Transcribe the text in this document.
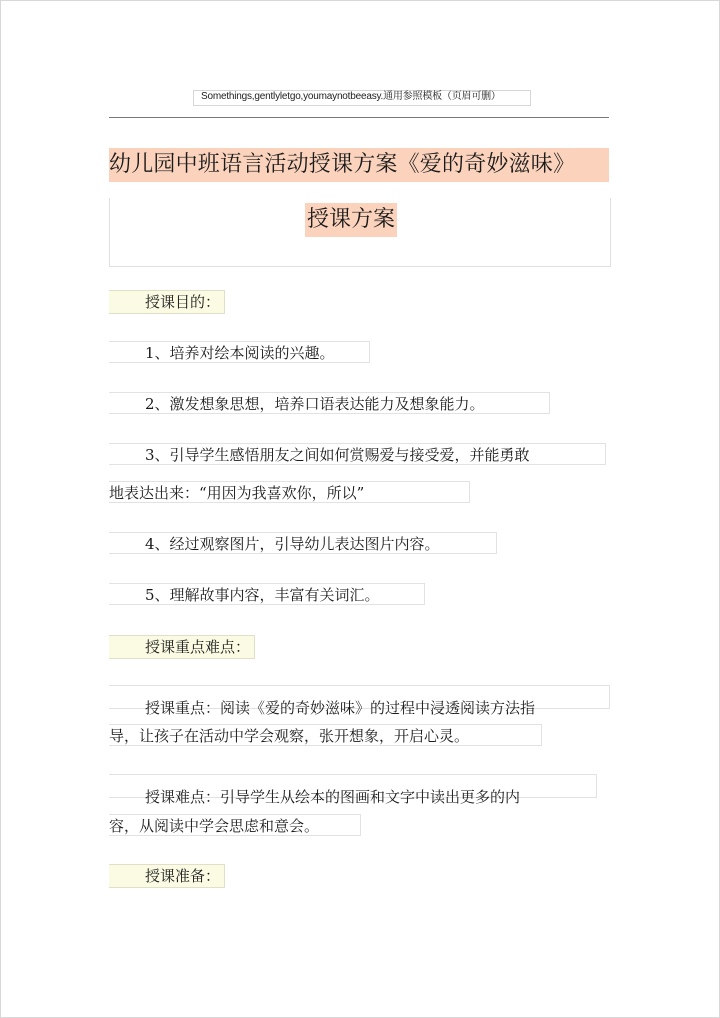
Somethings,gentlyletgo,youmaynotbeeasy.通用参照模板（页眉可删）
幼儿园中班语言活动授课方案《爱的奇妙滋味》
授课方案
授课目的：
1、培养对绘本阅读的兴趣。
2、激发想象思想，培养口语表达能力及想象能力。
3、引导学生感悟朋友之间如何赏赐爱与接受爱，并能勇敢
地表达出来：“用因为我喜欢你，所以”
4、经过观察图片，引导幼儿表达图片内容。
5、理解故事内容，丰富有关词汇。
授课重点难点：
授课重点：阅读《爱的奇妙滋味》的过程中浸透阅读方法指
导，让孩子在活动中学会观察，张开想象，开启心灵。
授课难点：引导学生从绘本的图画和文字中读出更多的内
容，从阅读中学会思虑和意会。
授课准备：
